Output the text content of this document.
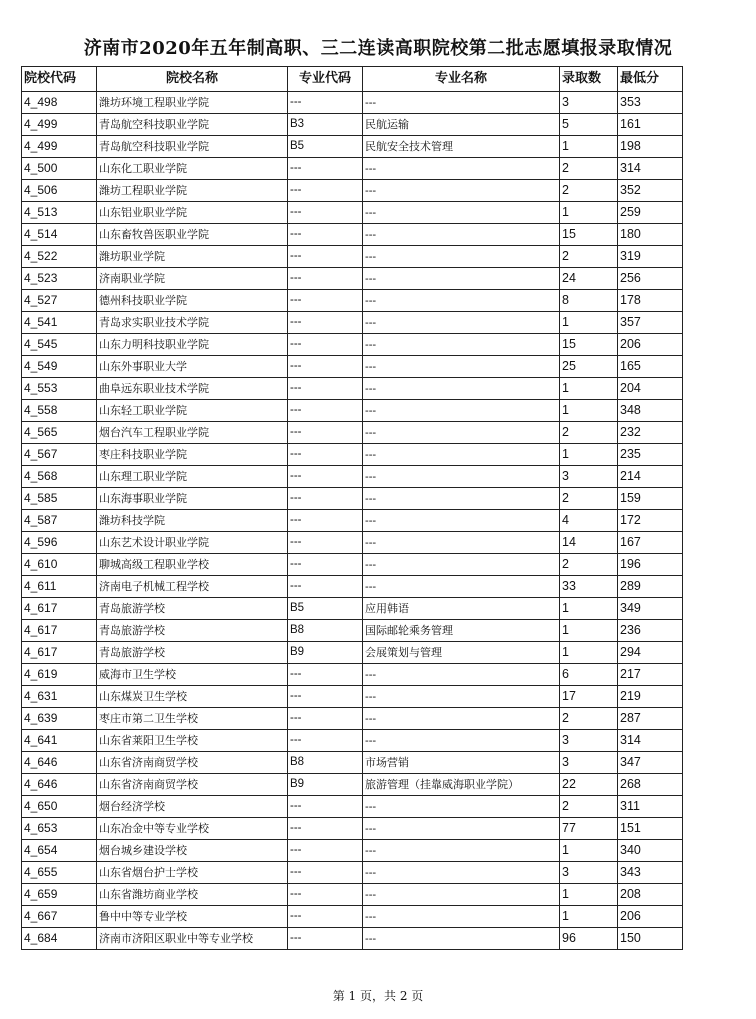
济南市2020年五年制高职、三二连读高职院校第二批志愿填报录取情况
院校代码	院校名称	专业代码	专业名称	录取数	最低分
4_498	潍坊环境工程职业学院	---	---	3	353
4_499	青岛航空科技职业学院	B3	民航运输	5	161
4_499	青岛航空科技职业学院	B5	民航安全技术管理	1	198
4_500	山东化工职业学院	---	---	2	314
4_506	潍坊工程职业学院	---	---	2	352
4_513	山东铝业职业学院	---	---	1	259
4_514	山东畜牧兽医职业学院	---	---	15	180
4_522	潍坊职业学院	---	---	2	319
4_523	济南职业学院	---	---	24	256
4_527	德州科技职业学院	---	---	8	178
4_541	青岛求实职业技术学院	---	---	1	357
4_545	山东力明科技职业学院	---	---	15	206
4_549	山东外事职业大学	---	---	25	165
4_553	曲阜远东职业技术学院	---	---	1	204
4_558	山东轻工职业学院	---	---	1	348
4_565	烟台汽车工程职业学院	---	---	2	232
4_567	枣庄科技职业学院	---	---	1	235
4_568	山东理工职业学院	---	---	3	214
4_585	山东海事职业学院	---	---	2	159
4_587	潍坊科技学院	---	---	4	172
4_596	山东艺术设计职业学院	---	---	14	167
4_610	聊城高级工程职业学校	---	---	2	196
4_611	济南电子机械工程学校	---	---	33	289
4_617	青岛旅游学校	B5	应用韩语	1	349
4_617	青岛旅游学校	B8	国际邮轮乘务管理	1	236
4_617	青岛旅游学校	B9	会展策划与管理	1	294
4_619	威海市卫生学校	---	---	6	217
4_631	山东煤炭卫生学校	---	---	17	219
4_639	枣庄市第二卫生学校	---	---	2	287
4_641	山东省莱阳卫生学校	---	---	3	314
4_646	山东省济南商贸学校	B8	市场营销	3	347
4_646	山东省济南商贸学校	B9	旅游管理（挂靠威海职业学院）	22	268
4_650	烟台经济学校	---	---	2	311
4_653	山东冶金中等专业学校	---	---	77	151
4_654	烟台城乡建设学校	---	---	1	340
4_655	山东省烟台护士学校	---	---	3	343
4_659	山东省潍坊商业学校	---	---	1	208
4_667	鲁中中等专业学校	---	---	1	206
4_684	济南市济阳区职业中等专业学校	---	---	96	150
第 1 页，共 2 页
